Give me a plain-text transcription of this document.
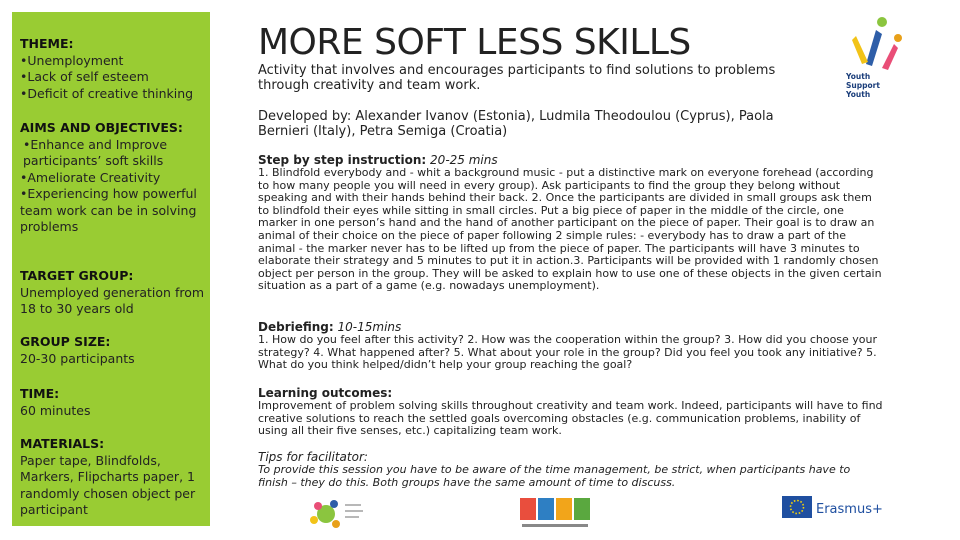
THEME:
• Unemployment
• Lack of self esteem
• Deficit of creative thinking
AIMS AND OBJECTIVES:
• Enhance and Improve participants’ soft skills
• Ameliorate Creativity
• Experiencing how powerful team work can be in solving problems
TARGET GROUP:

Unemployed generation from 18 to 30 years old

GROUP SIZE:

20-30 participants

TIME:

60 minutes

MATERIALS:

Paper tape, Blindfolds, Markers, Flipcharts paper, 1 randomly chosen object per participant

MORE SOFT LESS SKILLS
Activity that involves and encourages participants to find solutions to problems through creativity and team work.
Developed by: Alexander Ivanov (Estonia), Ludmila Theodoulou (Cyprus), Paola Bernieri (Italy), Petra Semiga (Croatia)
Step by step instruction: 20-25 mins
1. Blindfold everybody and - whit a background music - put a distinctive mark on everyone forehead (according to how many people you will need in every group). Ask participants to find the group they belong without speaking and with their hands behind their back. 2. Once the participants are divided in small groups ask them to blindfold their eyes while sitting in small circles. Put a big piece of paper in the middle of the circle, one marker in one person’s hand and the hand of another participant on the piece of paper. Their goal is to draw an animal of their choice on the piece of paper following 2 simple rules: - everybody has to draw a part of the animal - the marker never has to be lifted up from the piece of paper. The participants will have 3 minutes to elaborate their strategy and 5 minutes to put it in action.3. Participants will be provided with 1 randomly chosen object per person in the group. They will be asked to explain how to use one of these objects in the given certain situation as a part of a game (e.g. nowadays unemployment).
Debriefing: 10-15mins
1. How do you feel after this activity? 2. How was the cooperation within the group? 3. How did you choose your strategy? 4. What happened after? 5. What about your role in the group? Did you feel you took any initiative? 5. What do you think helped/didn’t help your group reaching the goal?
Learning outcomes:
Improvement of problem solving skills throughout creativity and team work. Indeed, participants will have to find creative solutions to reach the settled goals overcoming obstacles (e.g. communication problems, inability of using all their five senses, etc.) capitalizing team work.
Tips for facilitator:
To provide this session you have to be aware of the time management, be strict, when participants have to finish – they do this. Both groups have the same amount of time to discuss.
Youth
Support
Youth
Erasmus+
